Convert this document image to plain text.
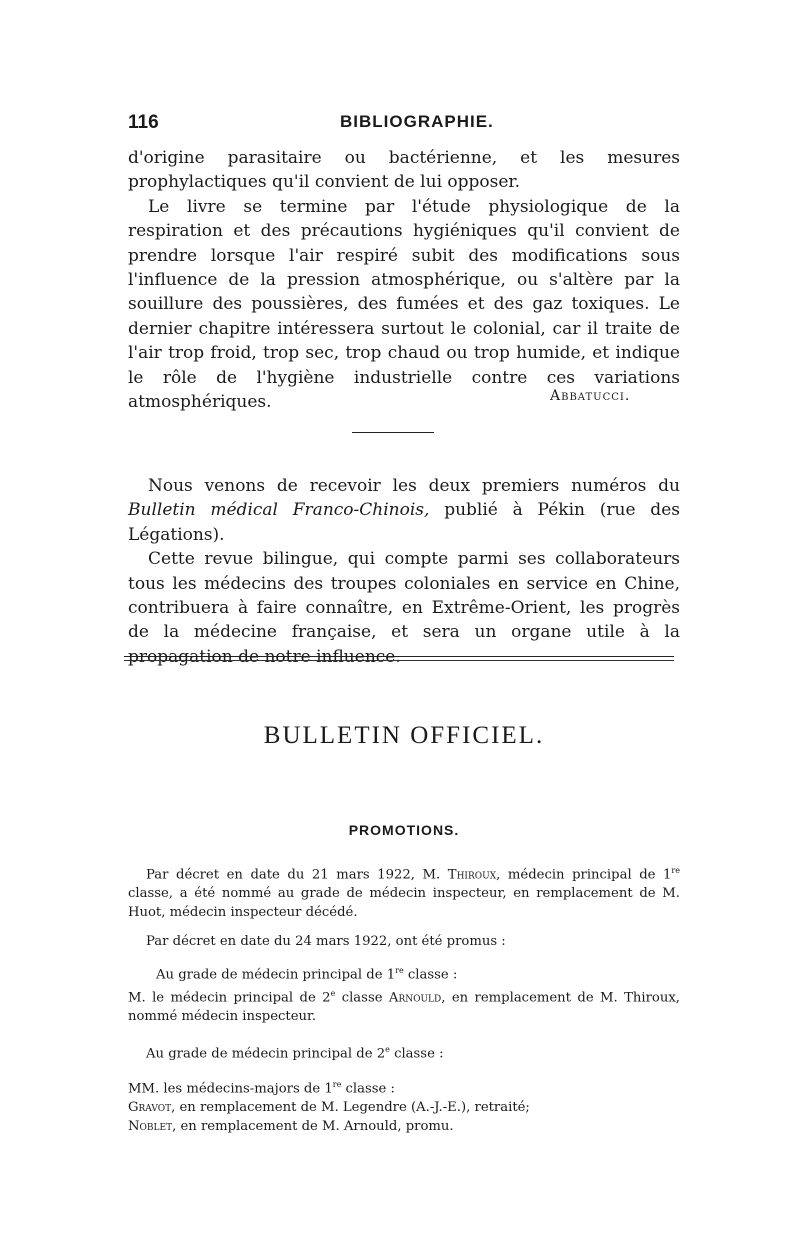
116	BIBLIOGRAPHIE.

d'origine parasitaire ou bactérienne, et les mesures prophylactiques qu'il convient de lui opposer.

Le livre se termine par l'étude physiologique de la respiration et des précautions hygiéniques qu'il convient de prendre lorsque l'air respiré subit des modifications sous l'influence de la pression atmosphérique, ou s'altère par la souillure des poussières, des fumées et des gaz toxiques. Le dernier chapitre intéressera surtout le colonial, car il traite de l'air trop froid, trop sec, trop chaud ou trop humide, et indique le rôle de l'hygiène industrielle contre ces variations atmosphériques.	Abbatucci.

Nous venons de recevoir les deux premiers numéros du Bulletin médical Franco-Chinois, publié à Pékin (rue des Légations).

Cette revue bilingue, qui compte parmi ses collaborateurs tous les médecins des troupes coloniales en service en Chine, contribuera à faire connaître, en Extrême-Orient, les progrès de la médecine française, et sera un organe utile à la propagation de notre influence.

BULLETIN OFFICIEL.
PROMOTIONS.

Par décret en date du 21 mars 1922, M. Thiroux, médecin principal de 1re classe, a été nommé au grade de médecin inspecteur, en remplacement de M. Huot, médecin inspecteur décédé.

Par décret en date du 24 mars 1922, ont été promus :

Au grade de médecin principal de 1re classe :

M. le médecin principal de 2e classe Arnould, en remplacement de M. Thiroux, nommé médecin inspecteur.

Au grade de médecin principal de 2e classe :

MM. les médecins-majors de 1re classe :

Gravot, en remplacement de M. Legendre (A.-J.-E.), retraité;

Noblet, en remplacement de M. Arnould, promu.
